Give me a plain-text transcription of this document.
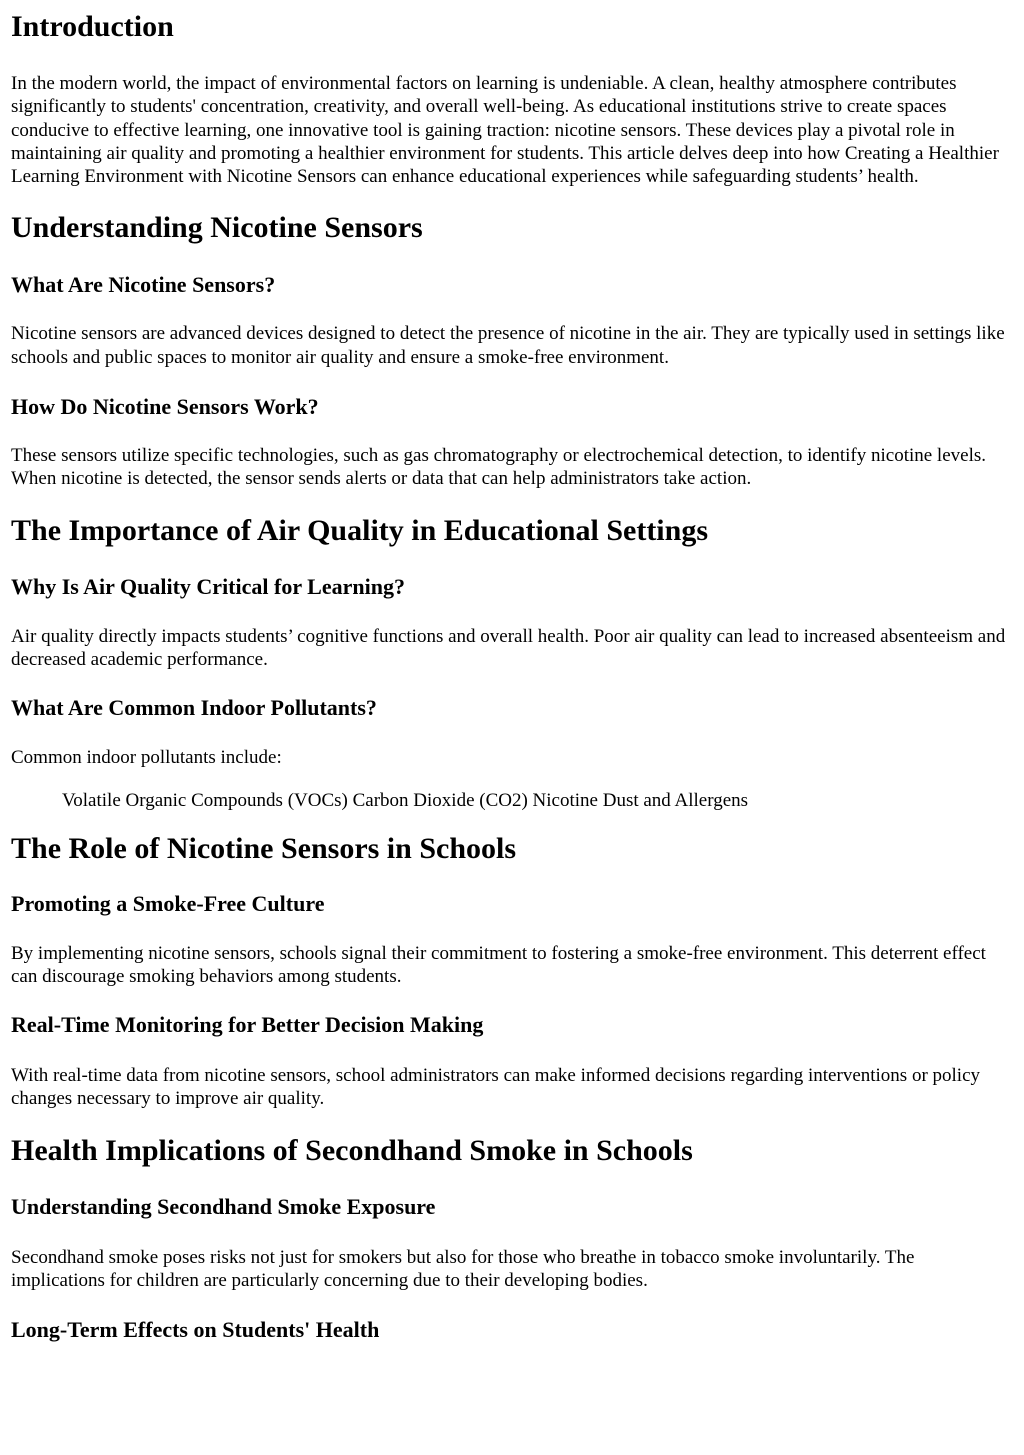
Introduction

In the modern world, the impact of environmental factors on learning is undeniable. A clean, healthy atmosphere contributes significantly to students' concentration, creativity, and overall well-being. As educational institutions strive to create spaces conducive to effective learning, one innovative tool is gaining traction: nicotine sensors. These devices play a pivotal role in maintaining air quality and promoting a healthier environment for students. This article delves deep into how Creating a Healthier Learning Environment with Nicotine Sensors can enhance educational experiences while safeguarding students’ health.

Understanding Nicotine Sensors
What Are Nicotine Sensors?

Nicotine sensors are advanced devices designed to detect the presence of nicotine in the air. They are typically used in settings like schools and public spaces to monitor air quality and ensure a smoke-free environment.

How Do Nicotine Sensors Work?

These sensors utilize specific technologies, such as gas chromatography or electrochemical detection, to identify nicotine levels. When nicotine is detected, the sensor sends alerts or data that can help administrators take action.

The Importance of Air Quality in Educational Settings
Why Is Air Quality Critical for Learning?

Air quality directly impacts students’ cognitive functions and overall health. Poor air quality can lead to increased absenteeism and decreased academic performance.

What Are Common Indoor Pollutants?

Common indoor pollutants include:

Volatile Organic Compounds (VOCs) Carbon Dioxide (CO2) Nicotine Dust and Allergens
The Role of Nicotine Sensors in Schools
Promoting a Smoke-Free Culture

By implementing nicotine sensors, schools signal their commitment to fostering a smoke-free environment. This deterrent effect can discourage smoking behaviors among students.

Real-Time Monitoring for Better Decision Making

With real-time data from nicotine sensors, school administrators can make informed decisions regarding interventions or policy changes necessary to improve air quality.

Health Implications of Secondhand Smoke in Schools
Understanding Secondhand Smoke Exposure

Secondhand smoke poses risks not just for smokers but also for those who breathe in tobacco smoke involuntarily. The implications for children are particularly concerning due to their developing bodies.

Long-Term Effects on Students' Health
